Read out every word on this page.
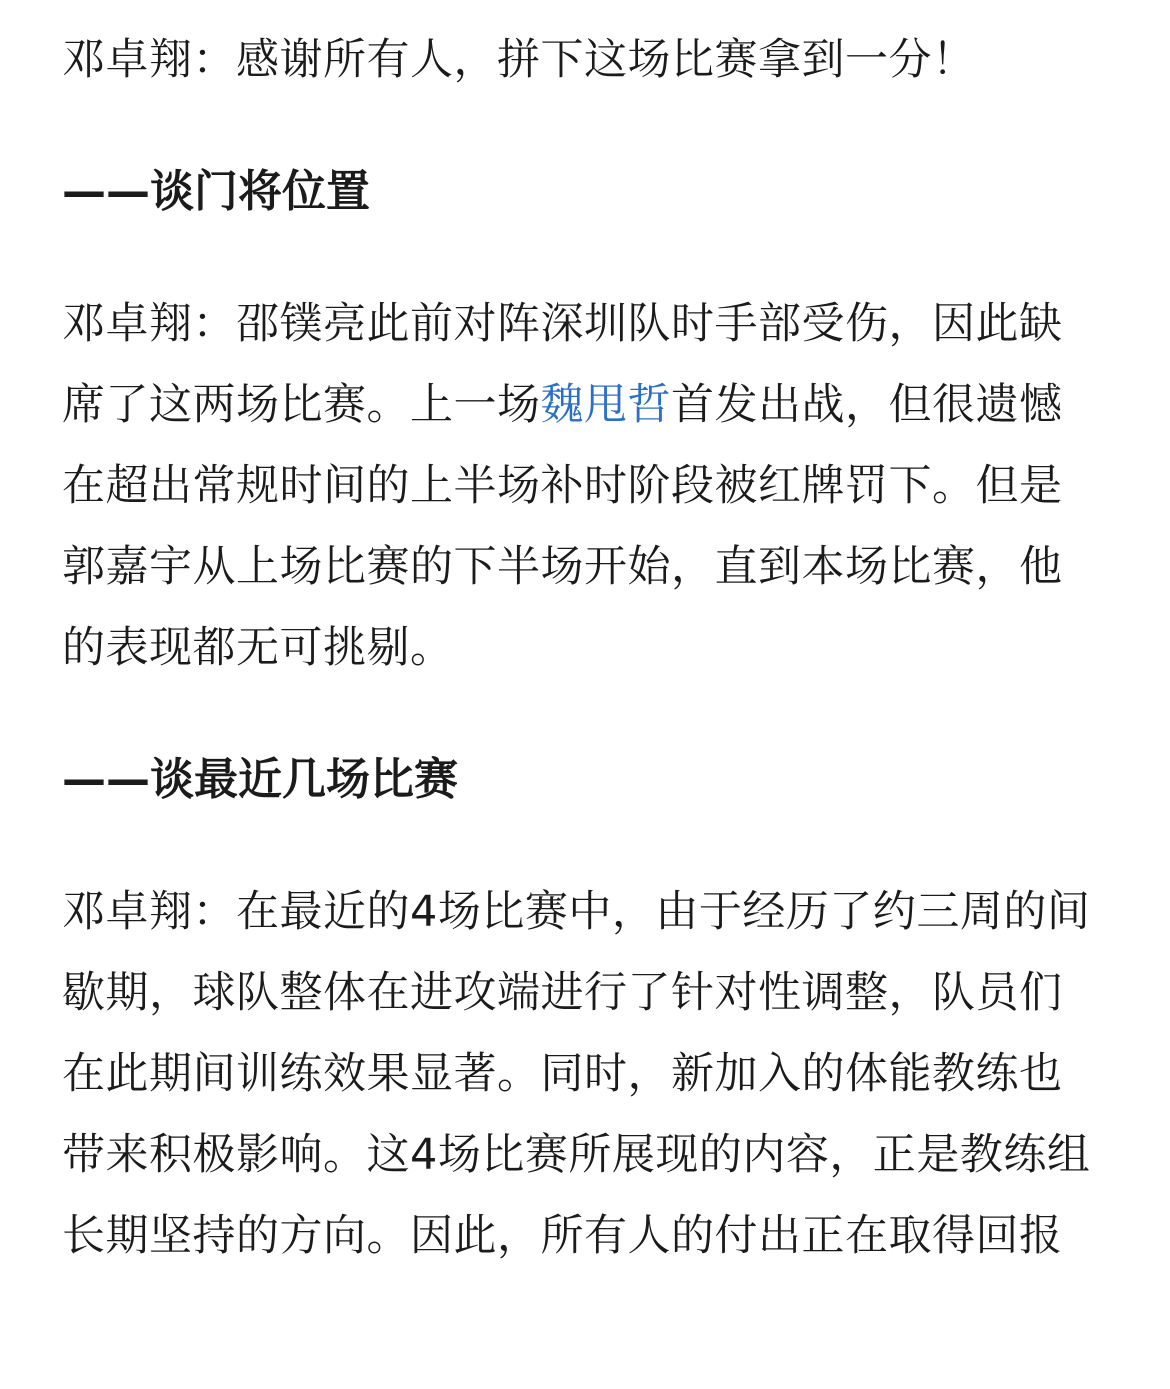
邓卓翔：感谢所有人，拼下这场比赛拿到一分！

——谈门将位置

邓卓翔：邵镤亮此前对阵深圳队时手部受伤，因此缺席了这两场比赛。上一场魏甩哲首发出战，但很遗憾在超出常规时间的上半场补时阶段被红牌罚下。但是郭嘉宇从上场比赛的下半场开始，直到本场比赛，他的表现都无可挑剔。

——谈最近几场比赛

邓卓翔：在最近的4场比赛中，由于经历了约三周的间歇期，球队整体在进攻端进行了针对性调整，队员们在此期间训练效果显著。同时，新加入的体能教练也带来积极影响。这4场比赛所展现的内容，正是教练组长期坚持的方向。因此，所有人的付出正在取得回报
